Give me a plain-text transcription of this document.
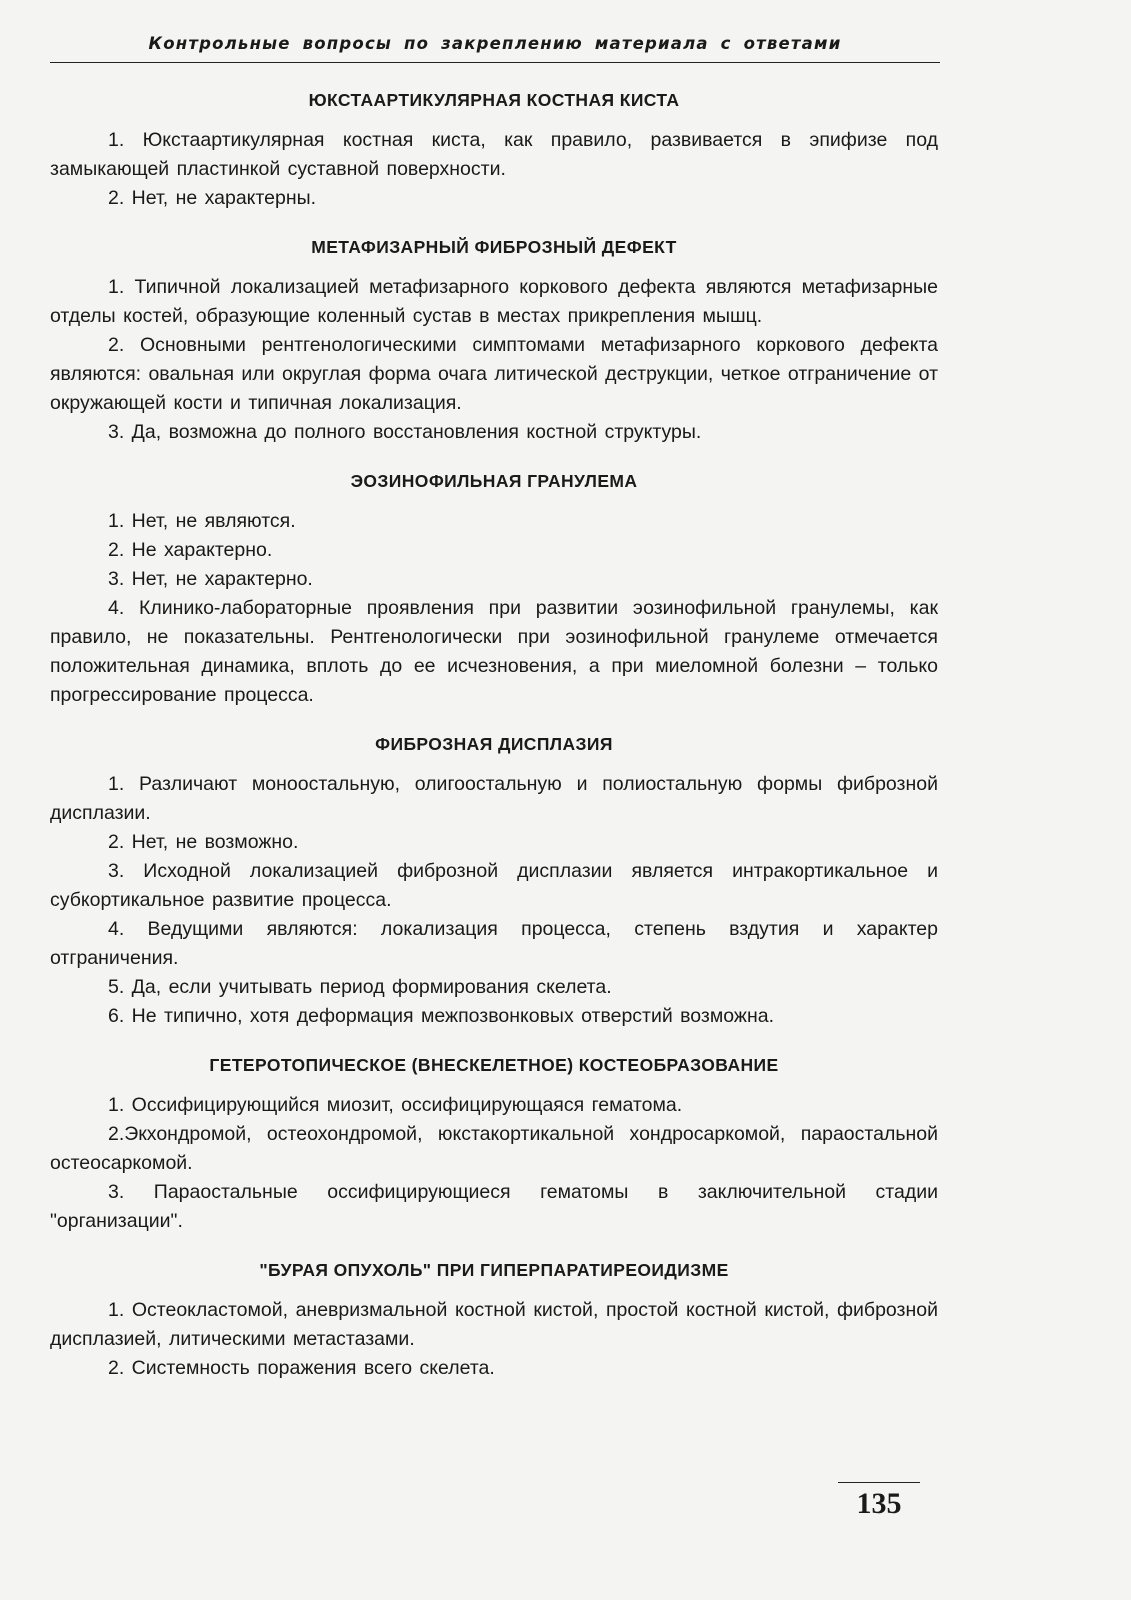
Контрольные вопросы по закреплению материала с ответами
ЮКСТААРТИКУЛЯРНАЯ КОСТНАЯ КИСТА

1. Юкстаартикулярная костная киста, как правило, развивается в эпифизе под замыкающей пластинкой суставной поверхности.

2. Нет, не характерны.

МЕТАФИЗАРНЫЙ ФИБРОЗНЫЙ ДЕФЕКТ

1. Типичной локализацией метафизарного коркового дефекта являются метафизарные отделы костей, образующие коленный сустав в местах прикрепления мышц.

2. Основными рентгенологическими симптомами метафизарного коркового дефекта являются: овальная или округлая форма очага литической деструкции, четкое отграничение от окружающей кости и типичная локализация.

3. Да, возможна до полного восстановления костной структуры.

ЭОЗИНОФИЛЬНАЯ ГРАНУЛЕМА

1. Нет, не являются.

2. Не характерно.

3. Нет, не характерно.

4. Клинико-лабораторные проявления при развитии эозинофильной гранулемы, как правило, не показательны. Рентгенологически при эозинофильной гранулеме отмечается положительная динамика, вплоть до ее исчезновения, а при миеломной болезни – только прогрессирование процесса.

ФИБРОЗНАЯ ДИСПЛАЗИЯ

1. Различают моноостальную, олигоостальную и полиостальную формы фиброзной дисплазии.

2. Нет, не возможно.

3. Исходной локализацией фиброзной дисплазии является интракортикальное и субкортикальное развитие процесса.

4. Ведущими являются: локализация процесса, степень вздутия и характер отграничения.

5. Да, если учитывать период формирования скелета.

6. Не типично, хотя деформация межпозвонковых отверстий возможна.

ГЕТЕРОТОПИЧЕСКОЕ (ВНЕСКЕЛЕТНОЕ) КОСТЕОБРАЗОВАНИЕ

1. Оссифицирующийся миозит, оссифицирующаяся гематома.

2.Экхондромой, остеохондромой, юкстакортикальной хондросаркомой, параостальной остеосаркомой.

3. Параостальные оссифицирующиеся гематомы в заключительной стадии "организации".

"БУРАЯ ОПУХОЛЬ" ПРИ ГИПЕРПАРАТИРЕОИДИЗМЕ

1. Остеокластомой, аневризмальной костной кистой, простой костной кистой, фиброзной дисплазией, литическими метастазами.

2. Системность поражения всего скелета.

135
